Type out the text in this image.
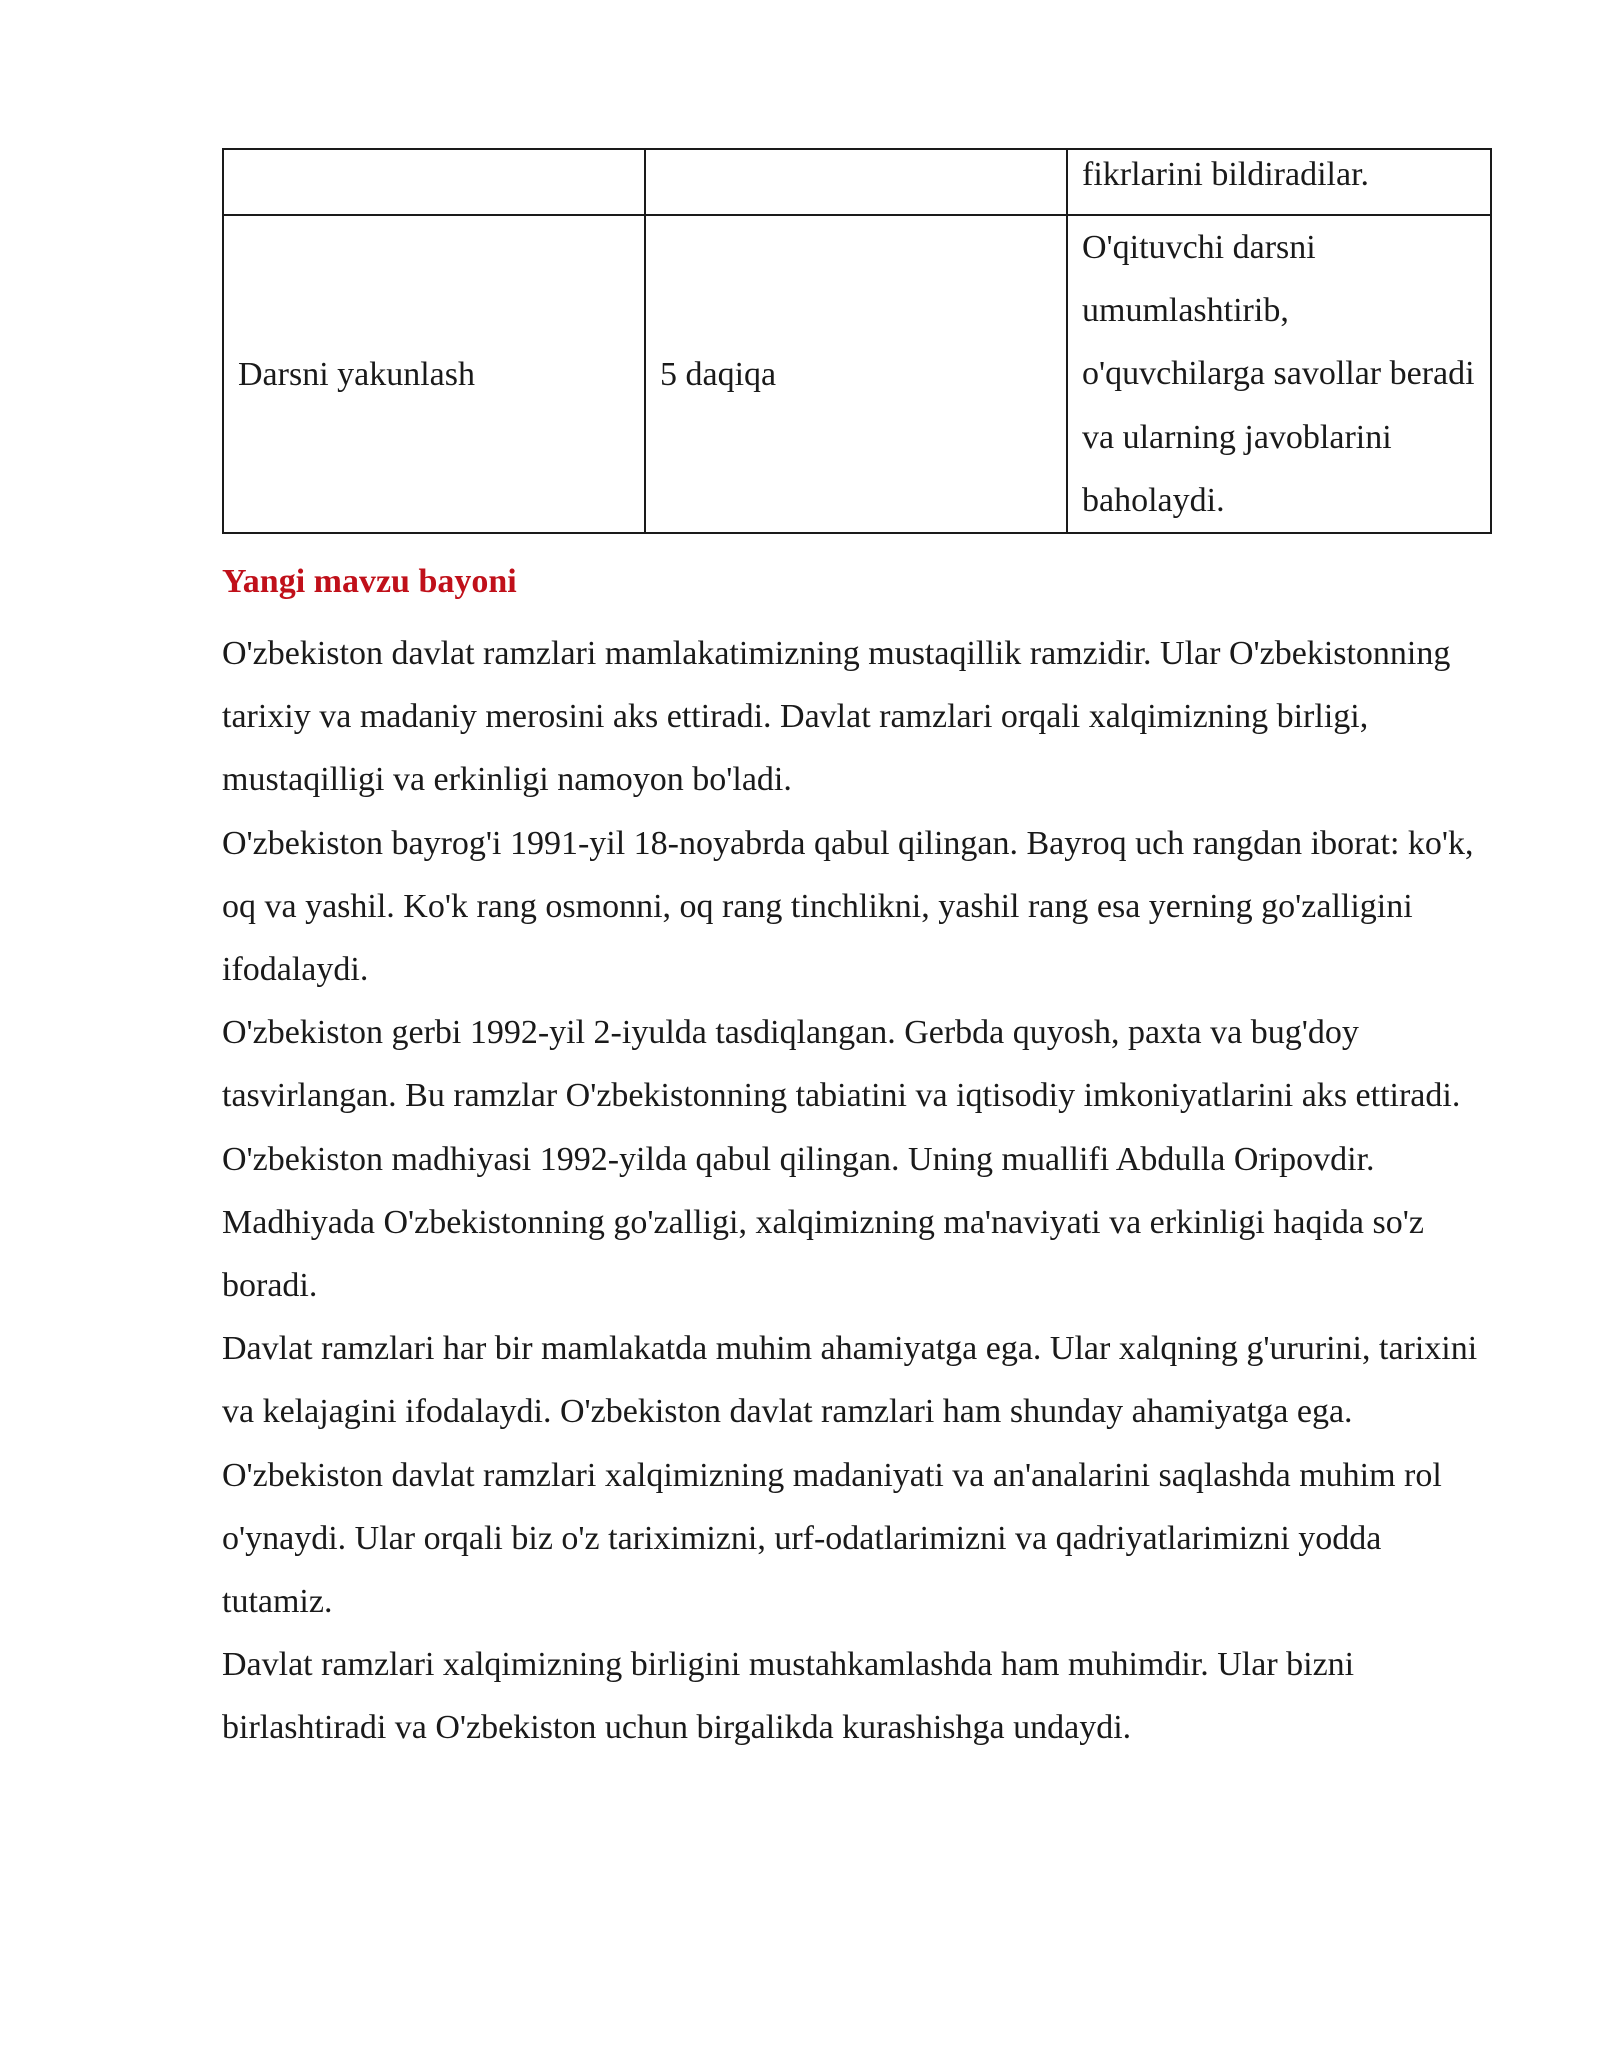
		fikrlarini bildiradilar.
Darsni yakunlash	5 daqiqa	O'qituvchi darsni umumlashtirib, o'quvchilarga savollar beradi va ularning javoblarini baholaydi.
Yangi mavzu bayoni

O'zbekiston davlat ramzlari mamlakatimizning mustaqillik ramzidir. Ular O'zbekistonning tarixiy va madaniy merosini aks ettiradi. Davlat ramzlari orqali xalqimizning birligi, mustaqilligi va erkinligi namoyon bo'ladi.

O'zbekiston bayrog'i 1991-yil 18-noyabrda qabul qilingan. Bayroq uch rangdan iborat: ko'k, oq va yashil. Ko'k rang osmonni, oq rang tinchlikni, yashil rang esa yerning go'zalligini ifodalaydi.

O'zbekiston gerbi 1992-yil 2-iyulda tasdiqlangan. Gerbda quyosh, paxta va bug'doy tasvirlangan. Bu ramzlar O'zbekistonning tabiatini va iqtisodiy imkoniyatlarini aks ettiradi.

O'zbekiston madhiyasi 1992-yilda qabul qilingan. Uning muallifi Abdulla Oripovdir. Madhiyada O'zbekistonning go'zalligi, xalqimizning ma'naviyati va erkinligi haqida so'z boradi.

Davlat ramzlari har bir mamlakatda muhim ahamiyatga ega. Ular xalqning g'ururini, tarixini va kelajagini ifodalaydi. O'zbekiston davlat ramzlari ham shunday ahamiyatga ega.

O'zbekiston davlat ramzlari xalqimizning madaniyati va an'analarini saqlashda muhim rol o'ynaydi. Ular orqali biz o'z tariximizni, urf-odatlarimizni va qadriyatlarimizni yodda tutamiz.

Davlat ramzlari xalqimizning birligini mustahkamlashda ham muhimdir. Ular bizni birlashtiradi va O'zbekiston uchun birgalikda kurashishga undaydi.
